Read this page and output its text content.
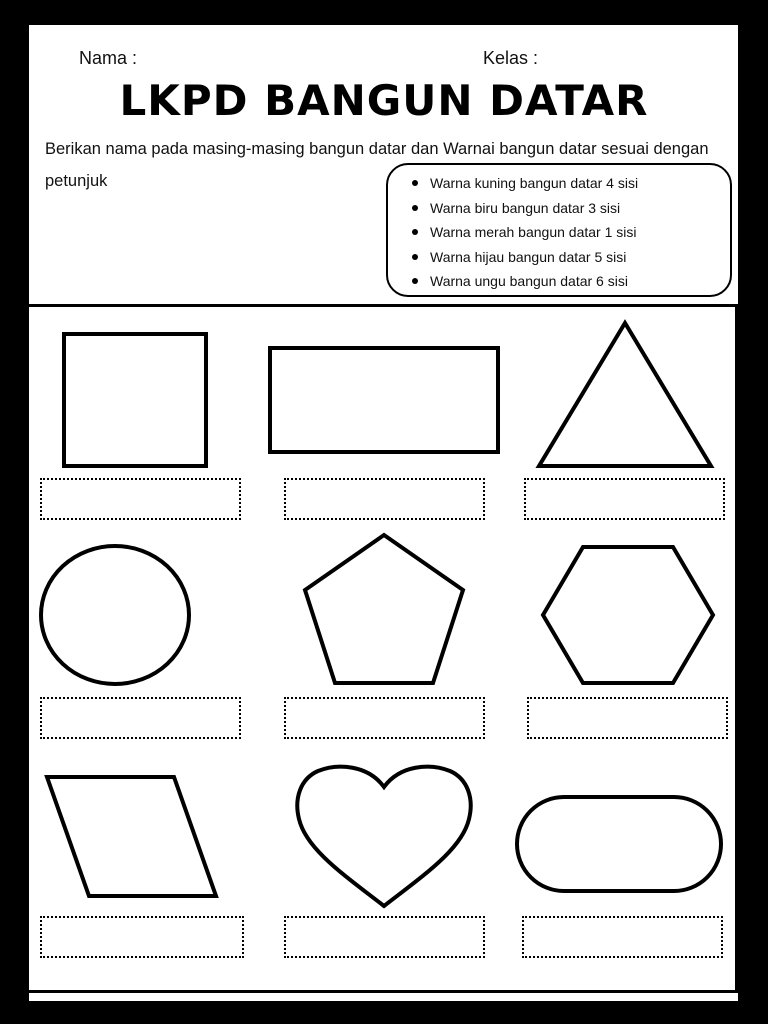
Nama :	Kelas :
LKPD BANGUN DATAR
Berikan nama pada masing-masing bangun datar dan Warnai bangun datar sesuai dengan petunjuk	Warna kuning bangun datar 4 sisi
Warna biru bangun datar 3 sisi
Warna merah bangun datar 1 sisi
Warna hijau bangun datar 5 sisi
Warna ungu bangun datar 6 sisi
